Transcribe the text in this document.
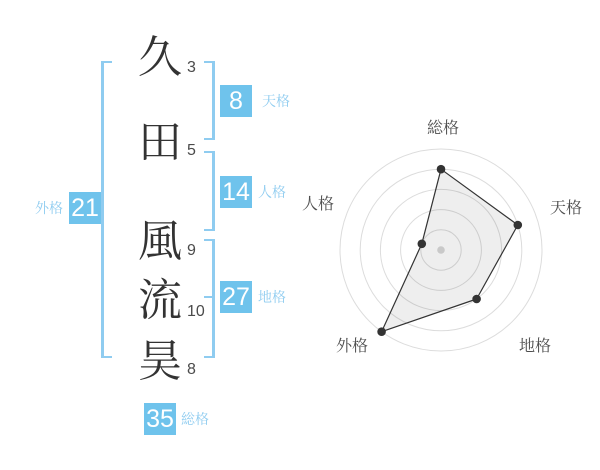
久
田
風
流
昊
3
5
9
10
8
8	天格
14 人格
27 地格
21
外格
35 総格
総格
天格
地格
外格
人格
